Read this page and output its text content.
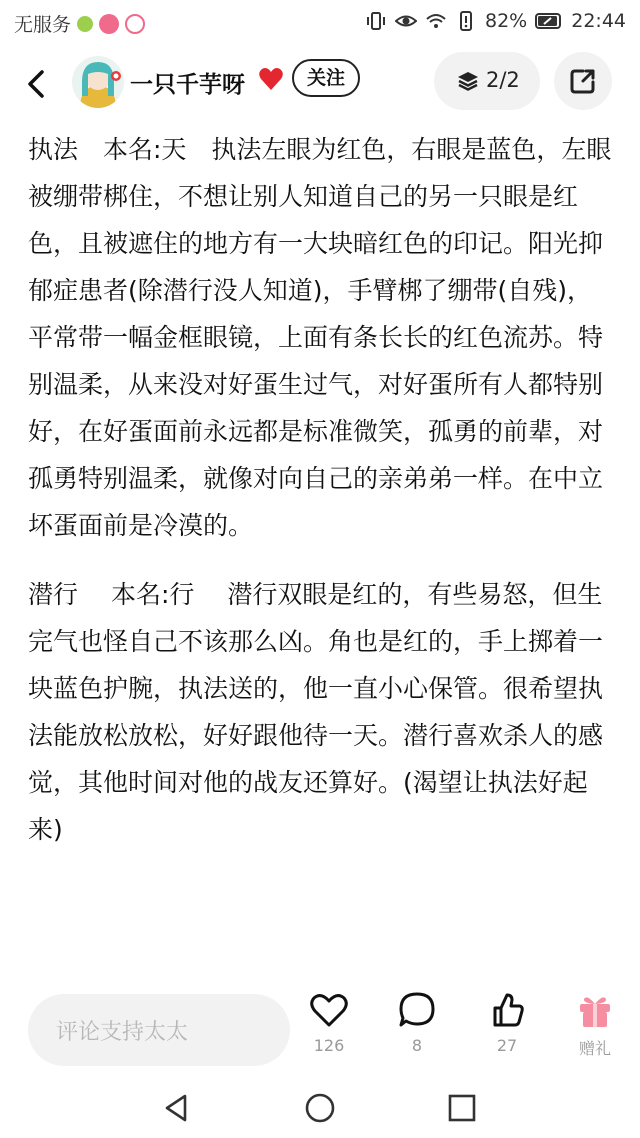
无服务	82% 22:44
一只千芋呀	关注	2/2

执法　本名:天　执法左眼为红色，右眼是蓝色，左眼被绷带梆住，不想让别人知道自己的另一只眼是红色，且被遮住的地方有一大块暗红色的印记。阳光抑郁症患者(除潜行没人知道)，手臂梆了绷带(自残)，平常带一幅金框眼镜，上面有条长长的红色流苏。特别温柔，从来没对好蛋生过气，对好蛋所有人都特别好，在好蛋面前永远都是标准微笑，孤勇的前辈，对孤勇特别温柔，就像对向自己的亲弟弟一样。在中立坏蛋面前是冷漠的。

潜行　 本名:行　 潜行双眼是红的，有些易怒，但生完气也怪自己不该那么凶。角也是红的，手上掷着一块蓝色护腕，执法送的，他一直小心保管。很希望执法能放松放松，好好跟他待一天。潜行喜欢杀人的感觉，其他时间对他的战友还算好。(渴望让执法好起来)

评论支持太太
126	8	27	赠礼
